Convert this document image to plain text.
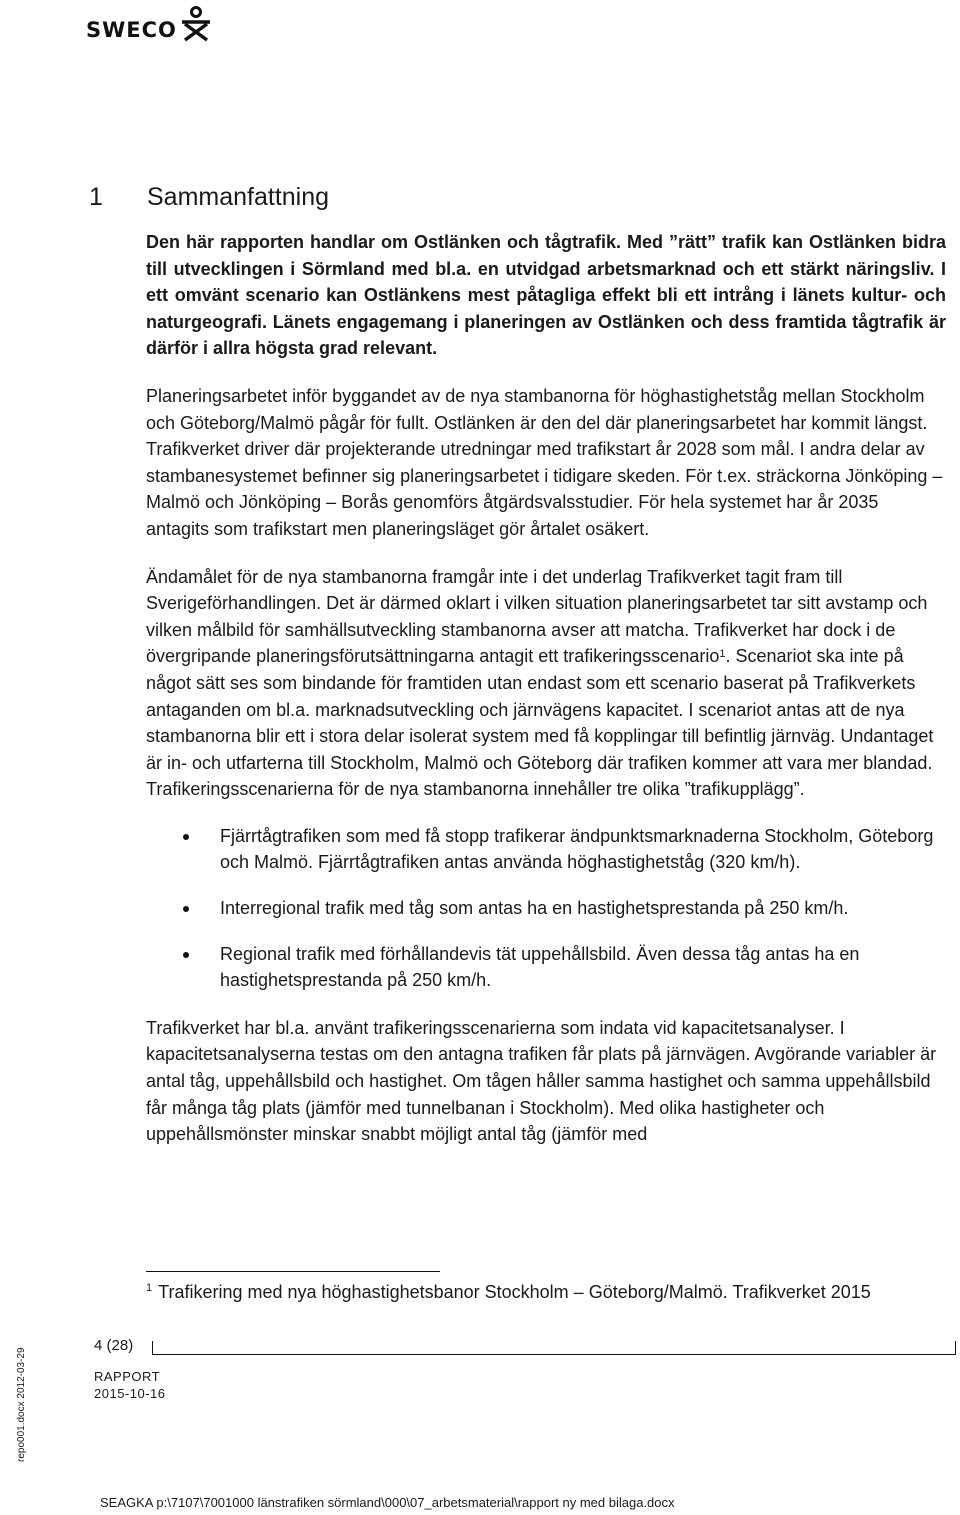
SWECO
1 Sammanfattning

Den här rapporten handlar om Ostlänken och tågtrafik. Med ”rätt” trafik kan Ostlänken bidra till utvecklingen i Sörmland med bl.a. en utvidgad arbetsmarknad och ett stärkt näringsliv. I ett omvänt scenario kan Ostlänkens mest påtagliga effekt bli ett intrång i länets kultur- och naturgeografi. Länets engagemang i planeringen av Ostlänken och dess framtida tågtrafik är därför i allra högsta grad relevant.

Planeringsarbetet inför byggandet av de nya stambanorna för höghastighetståg mellan Stockholm och Göteborg/Malmö pågår för fullt. Ostlänken är den del där planeringsarbetet har kommit längst. Trafikverket driver där projekterande utredningar med trafikstart år 2028 som mål. I andra delar av stambanesystemet befinner sig planeringsarbetet i tidigare skeden. För t.ex. sträckorna Jönköping – Malmö och Jönköping – Borås genomförs åtgärdsvalsstudier. För hela systemet har år 2035 antagits som trafikstart men planeringsläget gör årtalet osäkert.

Ändamålet för de nya stambanorna framgår inte i det underlag Trafikverket tagit fram till Sverigeförhandlingen. Det är därmed oklart i vilken situation planeringsarbetet tar sitt avstamp och vilken målbild för samhällsutveckling stambanorna avser att matcha. Trafikverket har dock i de övergripande planeringsförutsättningarna antagit ett trafikeringsscenario$^1$. Scenariot ska inte på något sätt ses som bindande för framtiden utan endast som ett scenario baserat på Trafikverkets antaganden om bl.a. marknadsutveckling och järnvägens kapacitet. I scenariot antas att de nya stambanorna blir ett i stora delar isolerat system med få kopplingar till befintlig järnväg. Undantaget är in- och utfarterna till Stockholm, Malmö och Göteborg där trafiken kommer att vara mer blandad. Trafikeringsscenarierna för de nya stambanorna innehåller tre olika ”trafikupplägg”.

Fjärrtågtrafiken som med få stopp trafikerar ändpunktsmarknaderna Stockholm, Göteborg och Malmö. Fjärrtågtrafiken antas använda höghastighetståg (320 km/h).
Interregional trafik med tåg som antas ha en hastighetsprestanda på 250 km/h.
Regional trafik med förhållandevis tät uppehållsbild. Även dessa tåg antas ha en hastighetsprestanda på 250 km/h.

Trafikverket har bl.a. använt trafikeringsscenarierna som indata vid kapacitetsanalyser. I kapacitetsanalyserna testas om den antagna trafiken får plats på järnvägen. Avgörande variabler är antal tåg, uppehållsbild och hastighet. Om tågen håller samma hastighet och samma uppehållsbild får många tåg plats (jämför med tunnelbanan i Stockholm). Med olika hastigheter och uppehållsmönster minskar snabbt möjligt antal tåg (jämför med

$^1$ Trafikering med nya höghastighetsbanor Stockholm – Göteborg/Malmö. Trafikverket 2015
4 (28)
RAPPORT
2015-10-16
repo001.docx 2012-03-29
SEAGKA p:\7107\7001000 länstrafiken sörmland\000\07_arbetsmaterial\rapport ny med bilaga.docx
